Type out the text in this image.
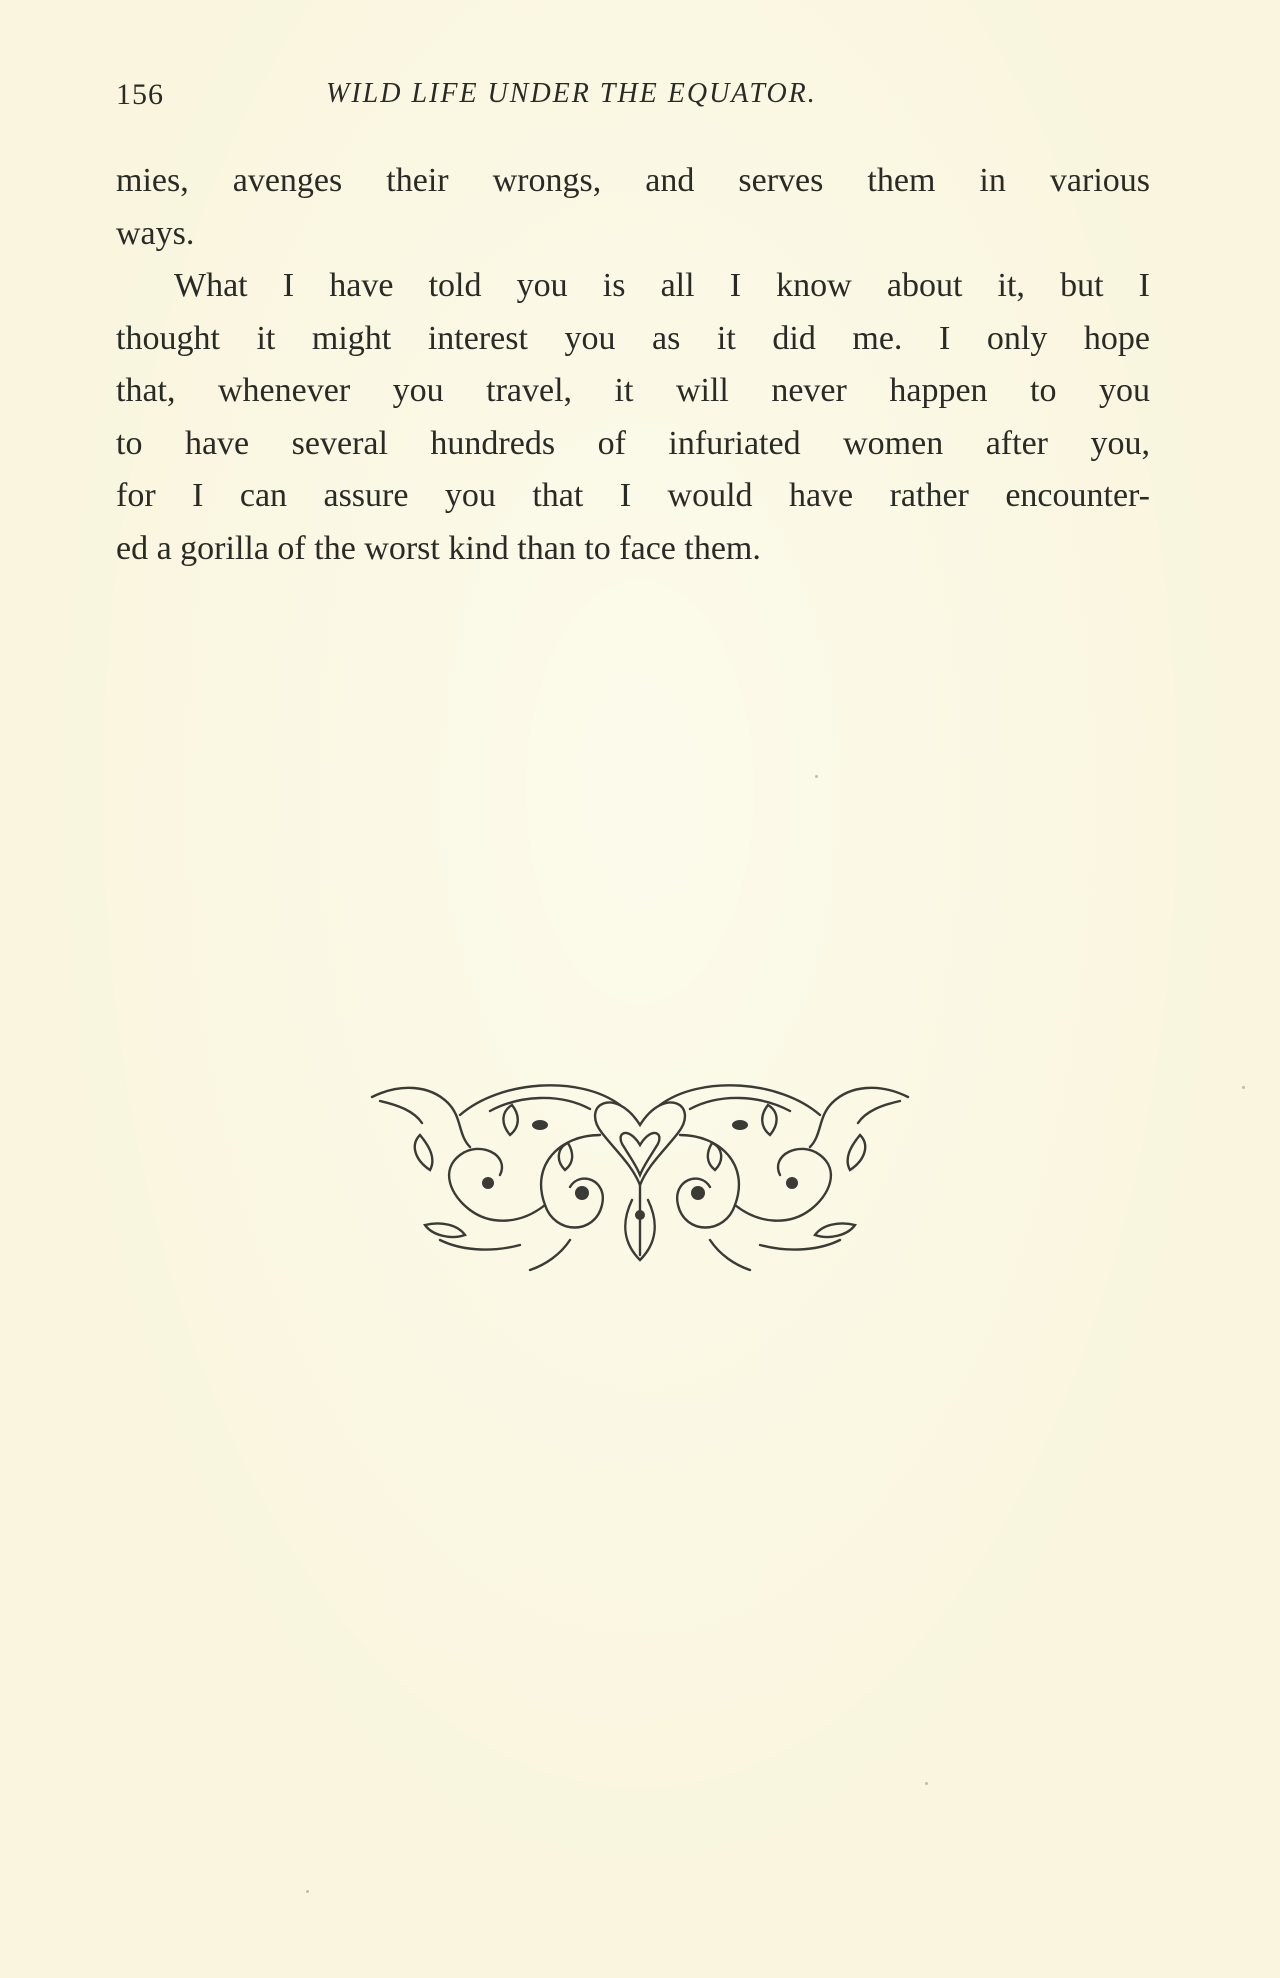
156	WILD LIFE UNDER THE EQUATOR.

mies, avenges their wrongs, and serves them in various

ways.

What I have told you is all I know about it, but I

thought it might interest you as it did me. I only hope

that, whenever you travel, it will never happen to you

to have several hundreds of infuriated women after you,

for I can assure you that I would have rather encounter-

ed a gorilla of the worst kind than to face them.
